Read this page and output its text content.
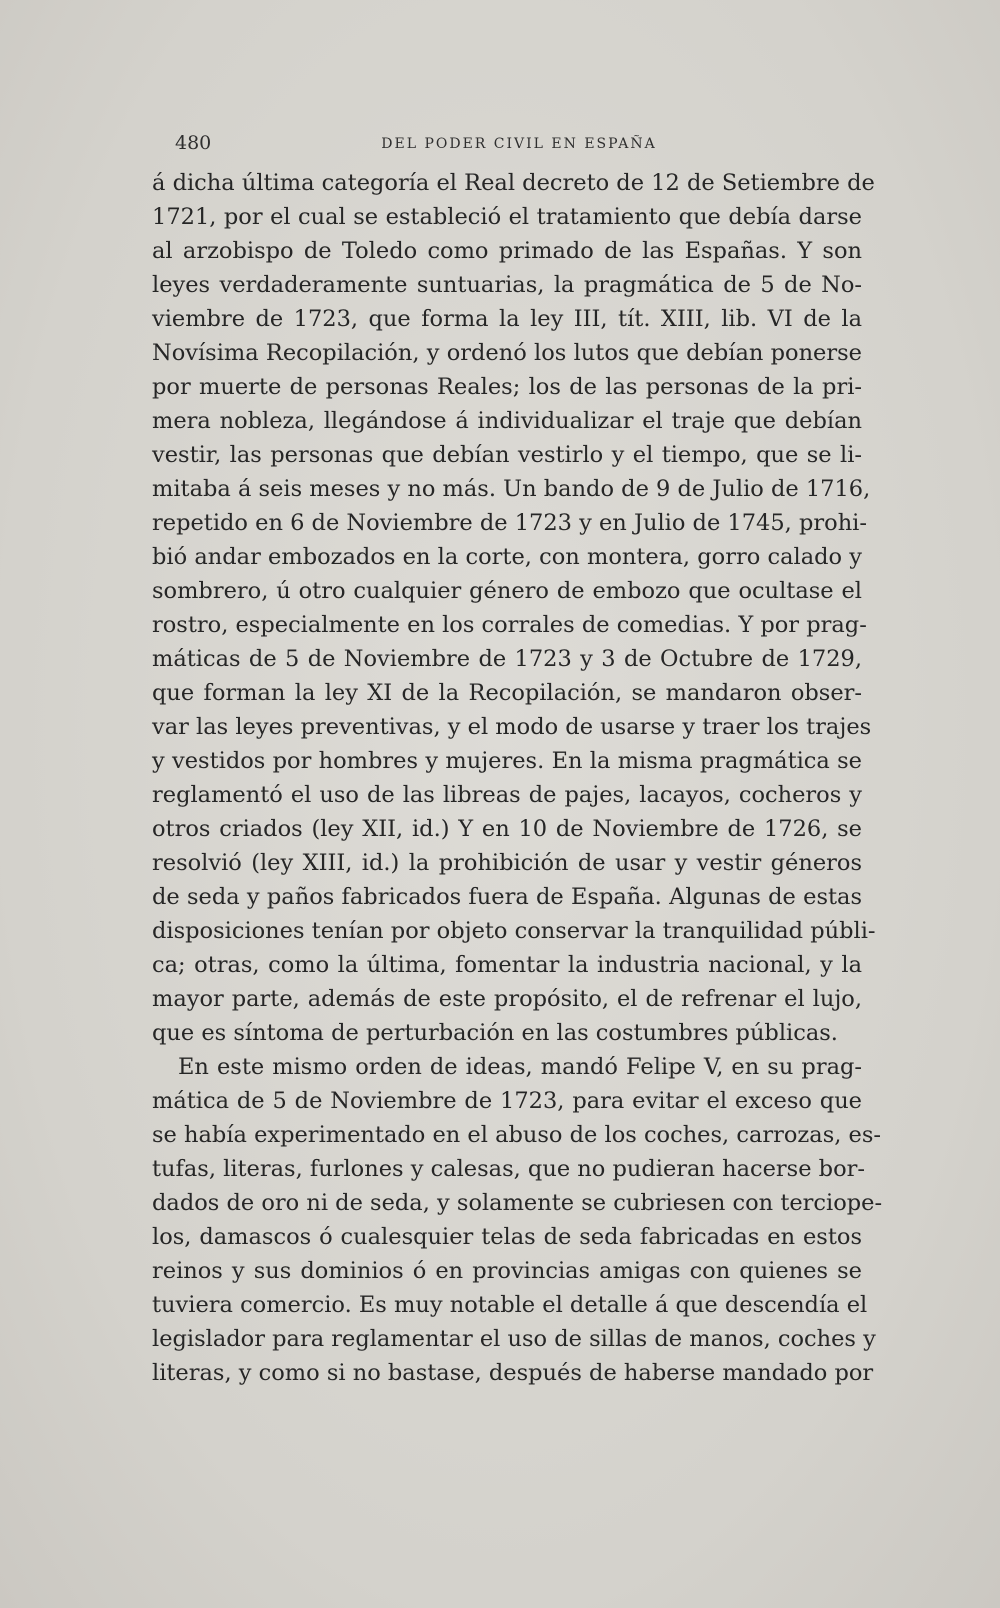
480	DEL PODER CIVIL EN ESPAÑA

á dicha última categoría el Real decreto de 12 de Setiembre de
1721, por el cual se estableció el tratamiento que debía darse
al arzobispo de Toledo como primado de las Españas. Y son
leyes verdaderamente suntuarias, la pragmática de 5 de No-
viembre de 1723, que forma la ley III, tít. XIII, lib. VI de la
Novísima Recopilación, y ordenó los lutos que debían ponerse
por muerte de personas Reales; los de las personas de la pri-
mera nobleza, llegándose á individualizar el traje que debían
vestir, las personas que debían vestirlo y el tiempo, que se li-
mitaba á seis meses y no más. Un bando de 9 de Julio de 1716,
repetido en 6 de Noviembre de 1723 y en Julio de 1745, prohi-
bió andar embozados en la corte, con montera, gorro calado y
sombrero, ú otro cualquier género de embozo que ocultase el
rostro, especialmente en los corrales de comedias. Y por prag-
máticas de 5 de Noviembre de 1723 y 3 de Octubre de 1729,
que forman la ley XI de la Recopilación, se mandaron obser-
var las leyes preventivas, y el modo de usarse y traer los trajes
y vestidos por hombres y mujeres. En la misma pragmática se
reglamentó el uso de las libreas de pajes, lacayos, cocheros y
otros criados (ley XII, id.) Y en 10 de Noviembre de 1726, se
resolvió (ley XIII, id.) la prohibición de usar y vestir géneros
de seda y paños fabricados fuera de España. Algunas de estas
disposiciones tenían por objeto conservar la tranquilidad públi-
ca; otras, como la última, fomentar la industria nacional, y la
mayor parte, además de este propósito, el de refrenar el lujo,
que es síntoma de perturbación en las costumbres públicas.

En este mismo orden de ideas, mandó Felipe V, en su prag-
mática de 5 de Noviembre de 1723, para evitar el exceso que
se había experimentado en el abuso de los coches, carrozas, es-
tufas, literas, furlones y calesas, que no pudieran hacerse bor-
dados de oro ni de seda, y solamente se cubriesen con terciope-
los, damascos ó cualesquier telas de seda fabricadas en estos
reinos y sus dominios ó en provincias amigas con quienes se
tuviera comercio. Es muy notable el detalle á que descendía el
legislador para reglamentar el uso de sillas de manos, coches y
literas, y como si no bastase, después de haberse mandado por
